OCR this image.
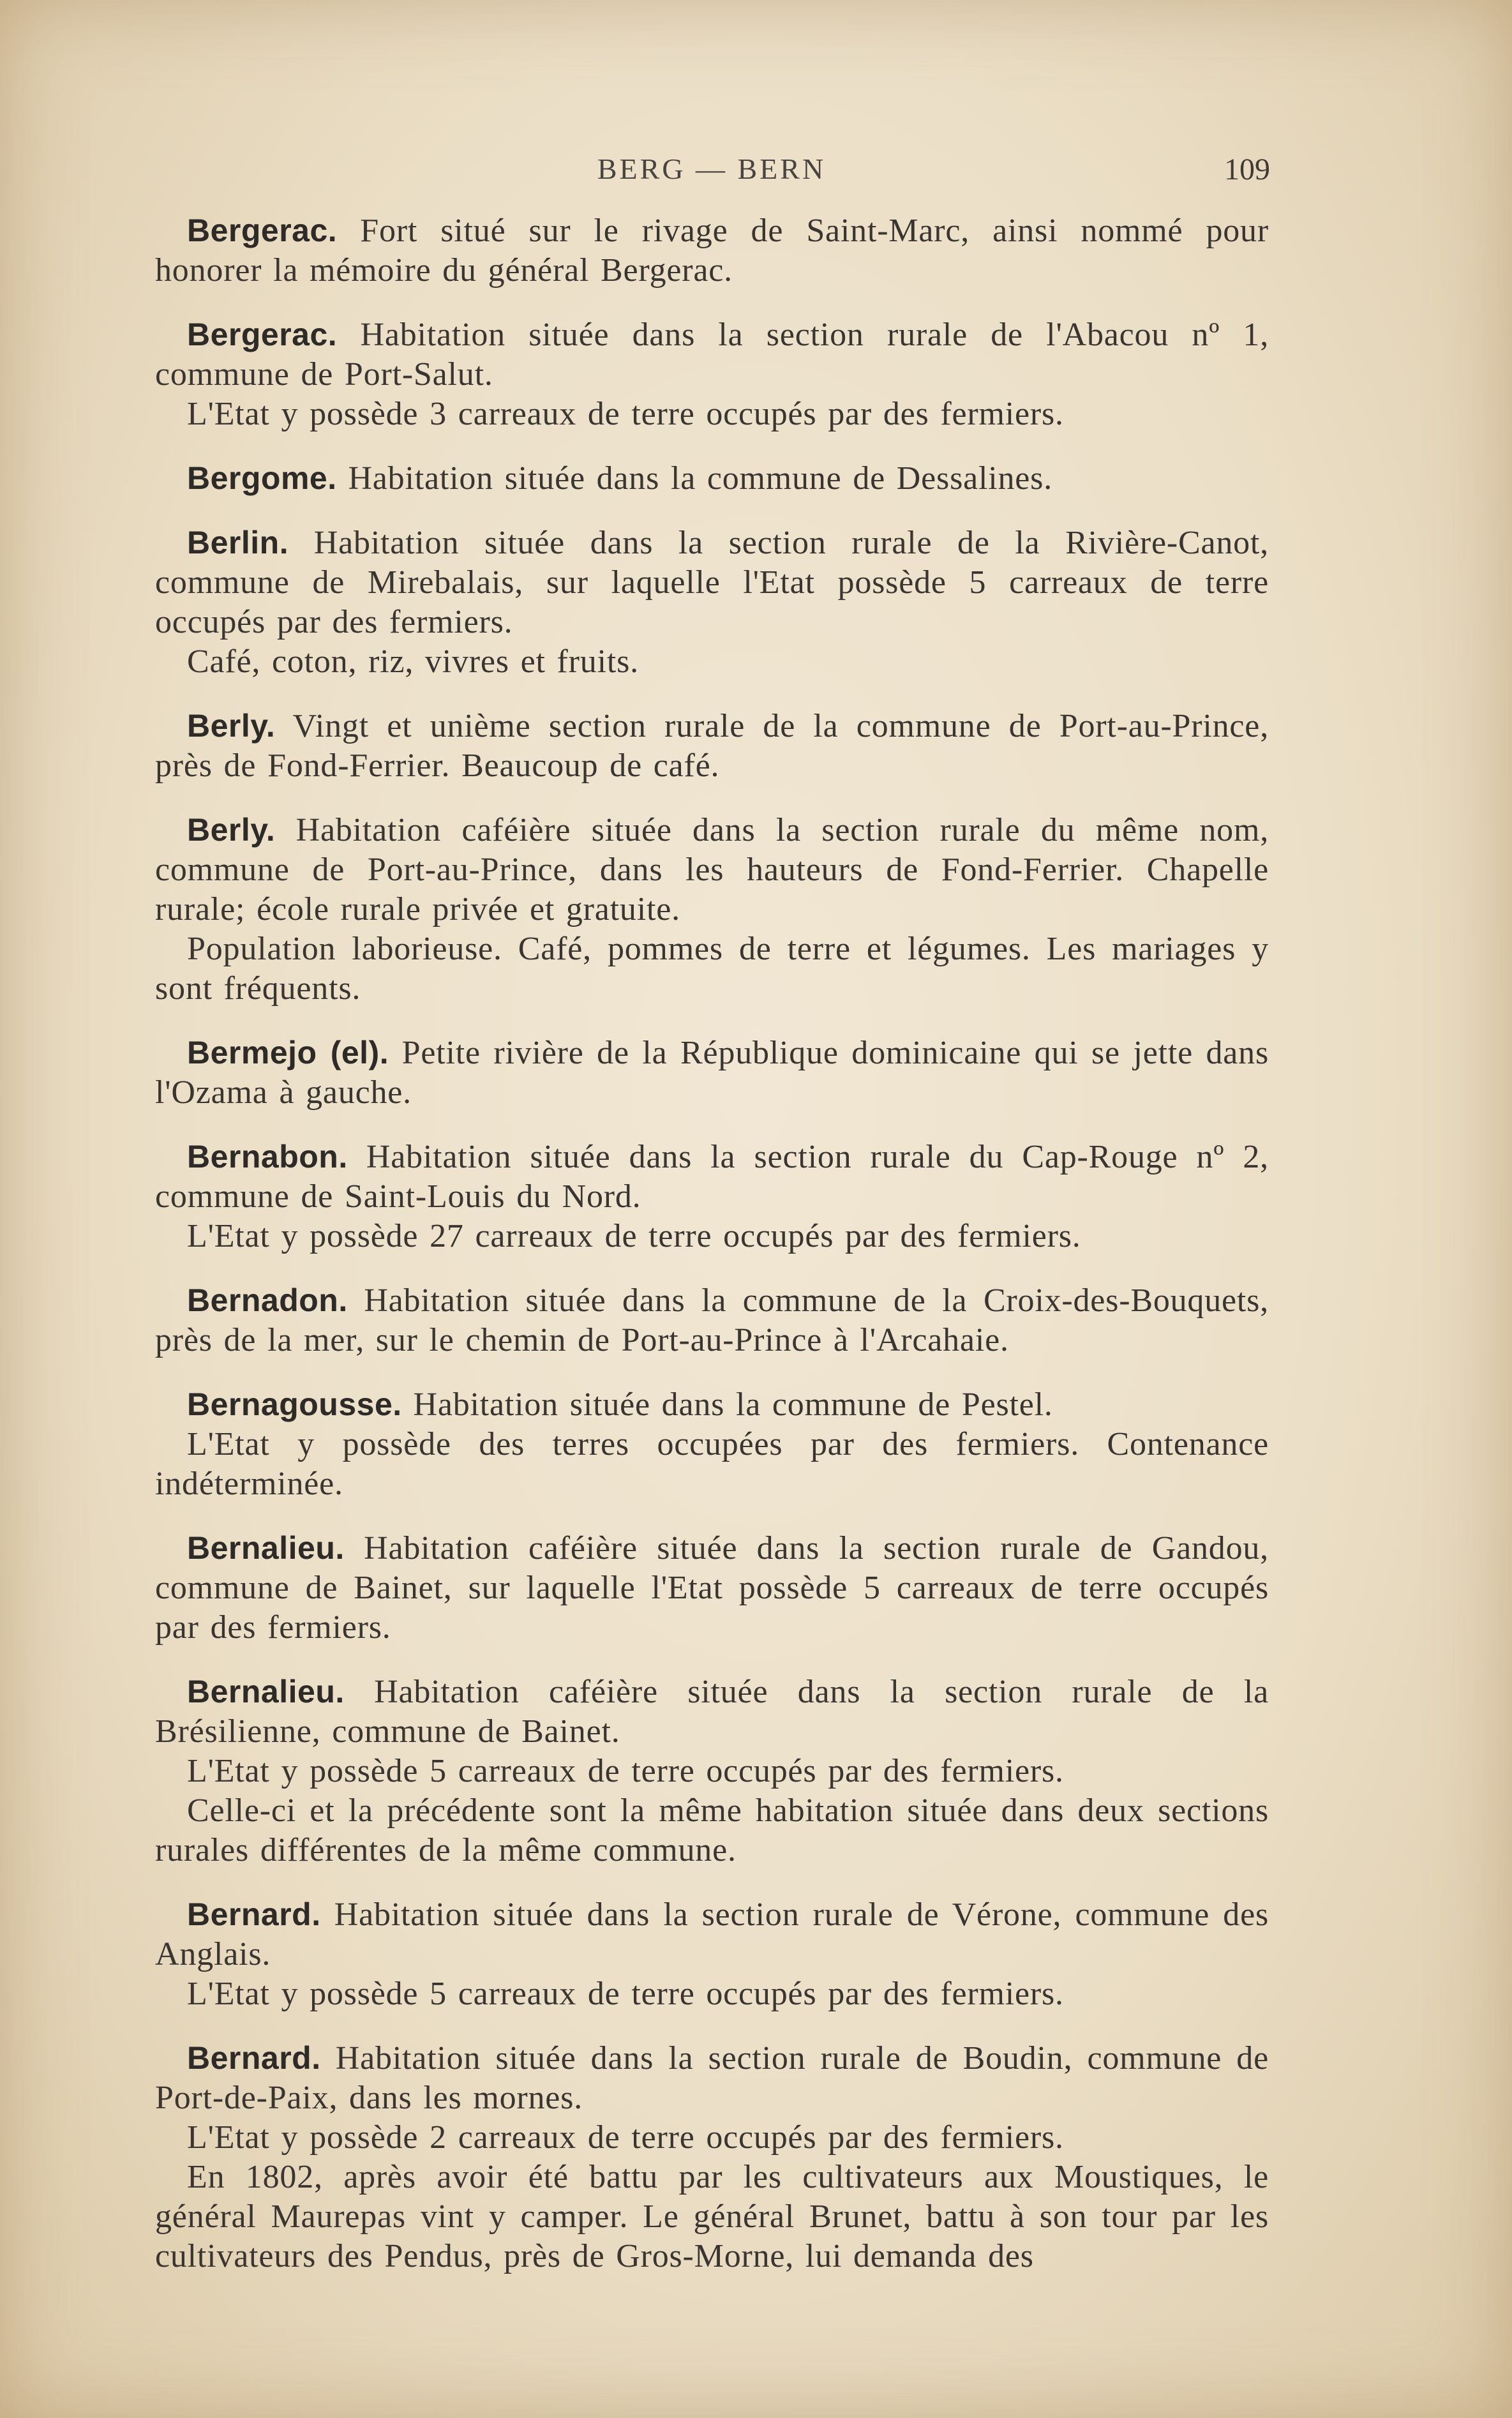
BERG — BERN	109

Bergerac. Fort situé sur le rivage de Saint-Marc, ainsi nommé pour honorer la mémoire du général Bergerac.

Bergerac. Habitation située dans la section rurale de l'Abacou nº 1, commune de Port-Salut.

L'Etat y possède 3 carreaux de terre occupés par des fermiers.

Bergome. Habitation située dans la commune de Dessalines.

Berlin. Habitation située dans la section rurale de la Rivière-Canot, commune de Mirebalais, sur laquelle l'Etat possède 5 carreaux de terre occupés par des fermiers.

Café, coton, riz, vivres et fruits.

Berly. Vingt et unième section rurale de la commune de Port-au-Prince, près de Fond-Ferrier. Beaucoup de café.

Berly. Habitation caféière située dans la section rurale du même nom, commune de Port-au-Prince, dans les hauteurs de Fond-Ferrier. Chapelle rurale; école rurale privée et gratuite.

Population laborieuse. Café, pommes de terre et légumes. Les mariages y sont fréquents.

Bermejo (el). Petite rivière de la République dominicaine qui se jette dans l'Ozama à gauche.

Bernabon. Habitation située dans la section rurale du Cap-Rouge nº 2, commune de Saint-Louis du Nord.

L'Etat y possède 27 carreaux de terre occupés par des fermiers.

Bernadon. Habitation située dans la commune de la Croix-des-Bouquets, près de la mer, sur le chemin de Port-au-Prince à l'Arcahaie.

Bernagousse. Habitation située dans la commune de Pestel.

L'Etat y possède des terres occupées par des fermiers. Contenance indéterminée.

Bernalieu. Habitation caféière située dans la section rurale de Gandou, commune de Bainet, sur laquelle l'Etat possède 5 carreaux de terre occupés par des fermiers.

Bernalieu. Habitation caféière située dans la section rurale de la Brésilienne, commune de Bainet.

L'Etat y possède 5 carreaux de terre occupés par des fermiers.

Celle-ci et la précédente sont la même habitation située dans deux sections rurales différentes de la même commune.

Bernard. Habitation située dans la section rurale de Vérone, commune des Anglais.

L'Etat y possède 5 carreaux de terre occupés par des fermiers.

Bernard. Habitation située dans la section rurale de Boudin, commune de Port-de-Paix, dans les mornes.

L'Etat y possède 2 carreaux de terre occupés par des fermiers.

En 1802, après avoir été battu par les cultivateurs aux Moustiques, le général Maurepas vint y camper. Le général Brunet, battu à son tour par les cultivateurs des Pendus, près de Gros-Morne, lui demanda des
